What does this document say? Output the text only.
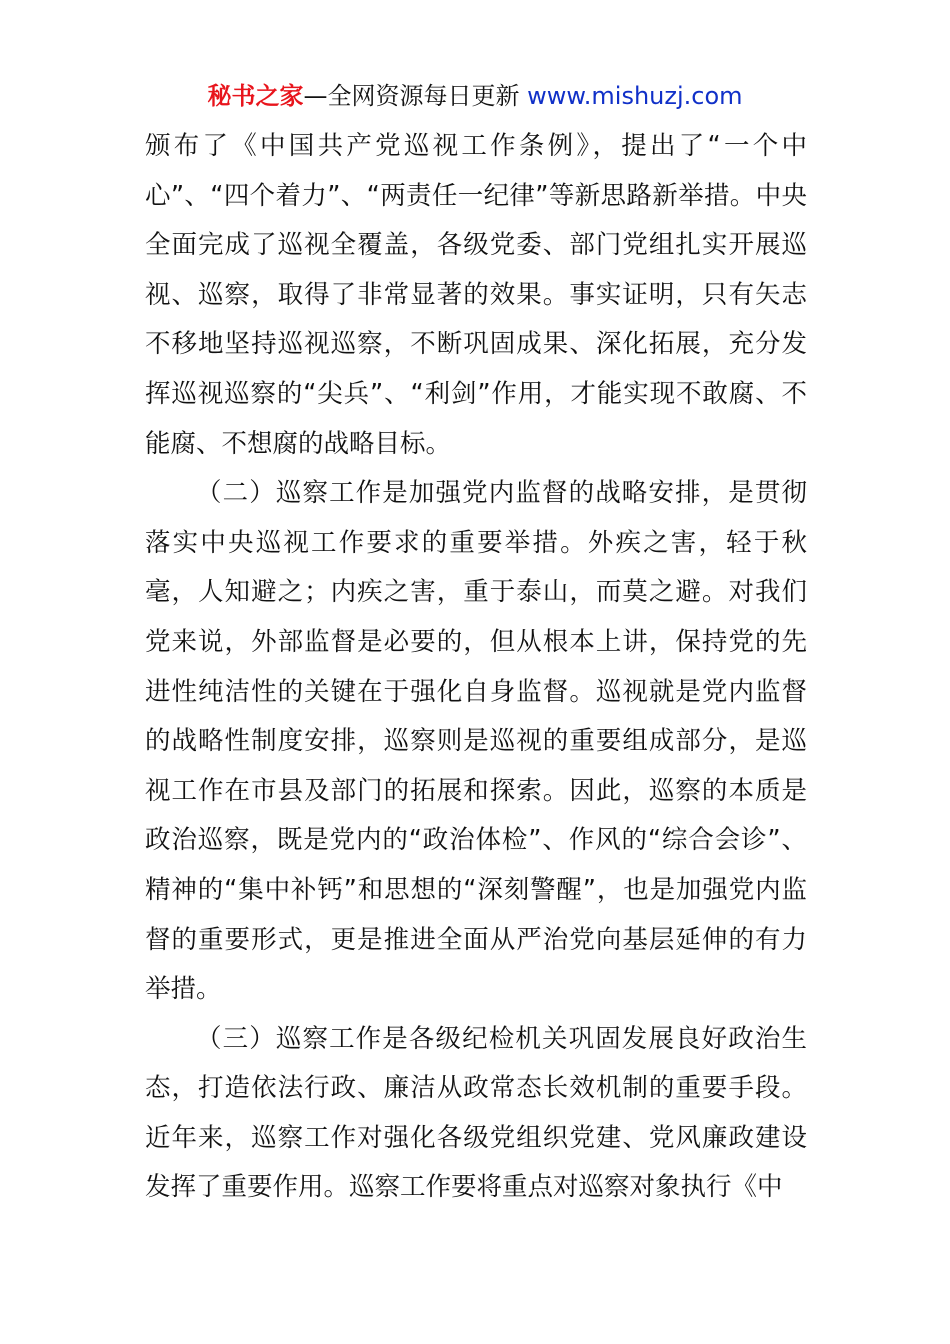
秘书之家—全网资源每日更新 www.mishuzj.com

颁布了《中国共产党巡视工作条例》，提出了“一个中心”、“四个着力”、“两责任一纪律”等新思路新举措。中央全面完成了巡视全覆盖，各级党委、部门党组扎实开展巡视、巡察，取得了非常显著的效果。事实证明，只有矢志不移地坚持巡视巡察，不断巩固成果、深化拓展，充分发挥巡视巡察的“尖兵”、“利剑”作用，才能实现不敢腐、不能腐、不想腐的战略目标。

（二）巡察工作是加强党内监督的战略安排，是贯彻落实中央巡视工作要求的重要举措。外疾之害，轻于秋毫，人知避之；内疾之害，重于泰山，而莫之避。对我们党来说，外部监督是必要的，但从根本上讲，保持党的先进性纯洁性的关键在于强化自身监督。巡视就是党内监督的战略性制度安排，巡察则是巡视的重要组成部分，是巡视工作在市县及部门的拓展和探索。因此，巡察的本质是政治巡察，既是党内的“政治体检”、作风的“综合会诊”、精神的“集中补钙”和思想的“深刻警醒”，也是加强党内监督的重要形式，更是推进全面从严治党向基层延伸的有力举措。

（三）巡察工作是各级纪检机关巩固发展良好政治生态，打造依法行政、廉洁从政常态长效机制的重要手段。近年来，巡察工作对强化各级党组织党建、党风廉政建设发挥了重要作用。巡察工作要将重点对巡察对象执行《中
